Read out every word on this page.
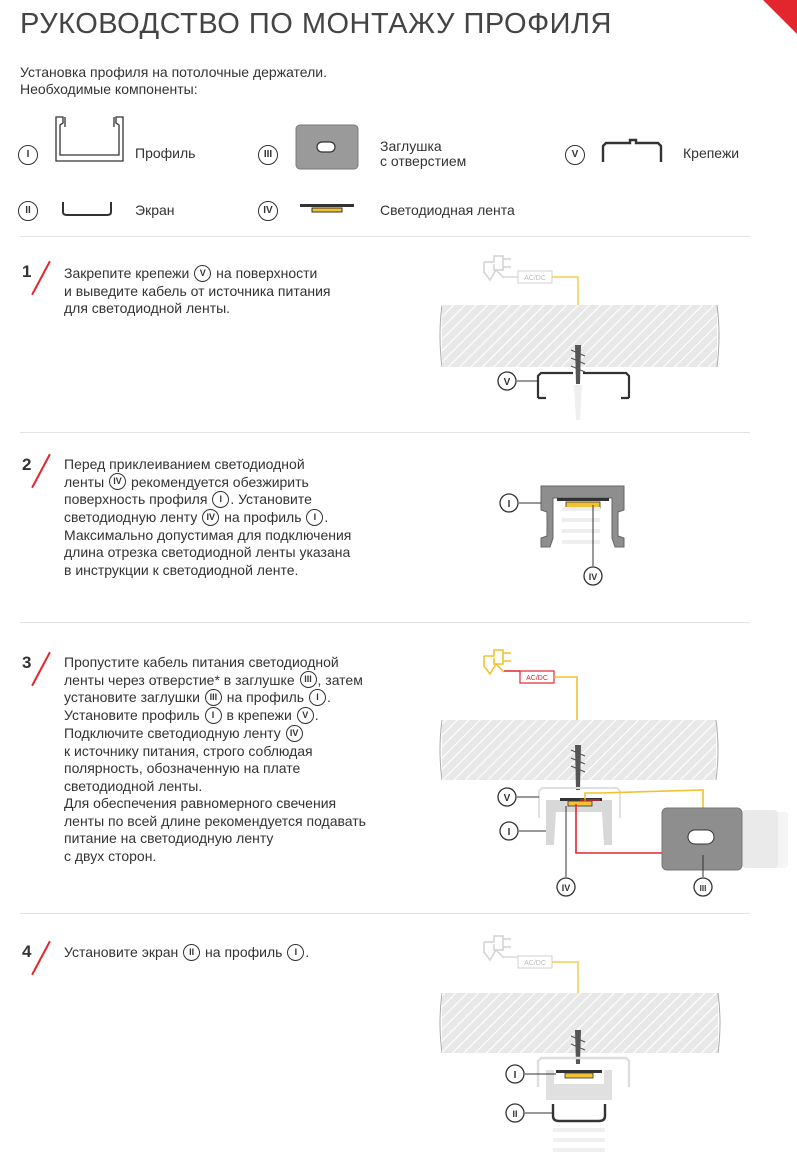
РУКОВОДСТВО ПО МОНТАЖУ ПРОФИЛЯ
Установка профиля на потолочные держатели.
Необходимые компоненты:
I	Профиль	III
Заглушка
с отверстием	V	Крепежи
II	Экран	IV	Светодиодная лента
1 Закрепите крепежи V на поверхности
и выведите кабель от источника питания
для светодиодной ленты.
2 Перед приклеиванием светодиодной
ленты IV рекомендуется обезжирить
поверхность профиля I . Установите
светодиодную ленту IV на профиль I .
Максимально допустимая для подключения
длина отрезка светодиодной ленты указана
в инструкции к светодиодной ленте.
3 Пропустите кабель питания светодиодной
ленты через отверстие* в заглушке III , затем
установите заглушки III на профиль I .
Установите профиль I в крепежи V .
Подключите светодиодную ленту IV
к источнику питания, строго соблюдая
полярность, обозначенную на плате
светодиодной ленты.
Для обеспечения равномерного свечения
ленты по всей длине рекомендуется подавать
питание на светодиодную ленту
с двух сторон.
4 Установите экран II на профиль I .
AC/DC
V
I
IV
AC/DC
V
I
IV	III
AC/DC
I
II
